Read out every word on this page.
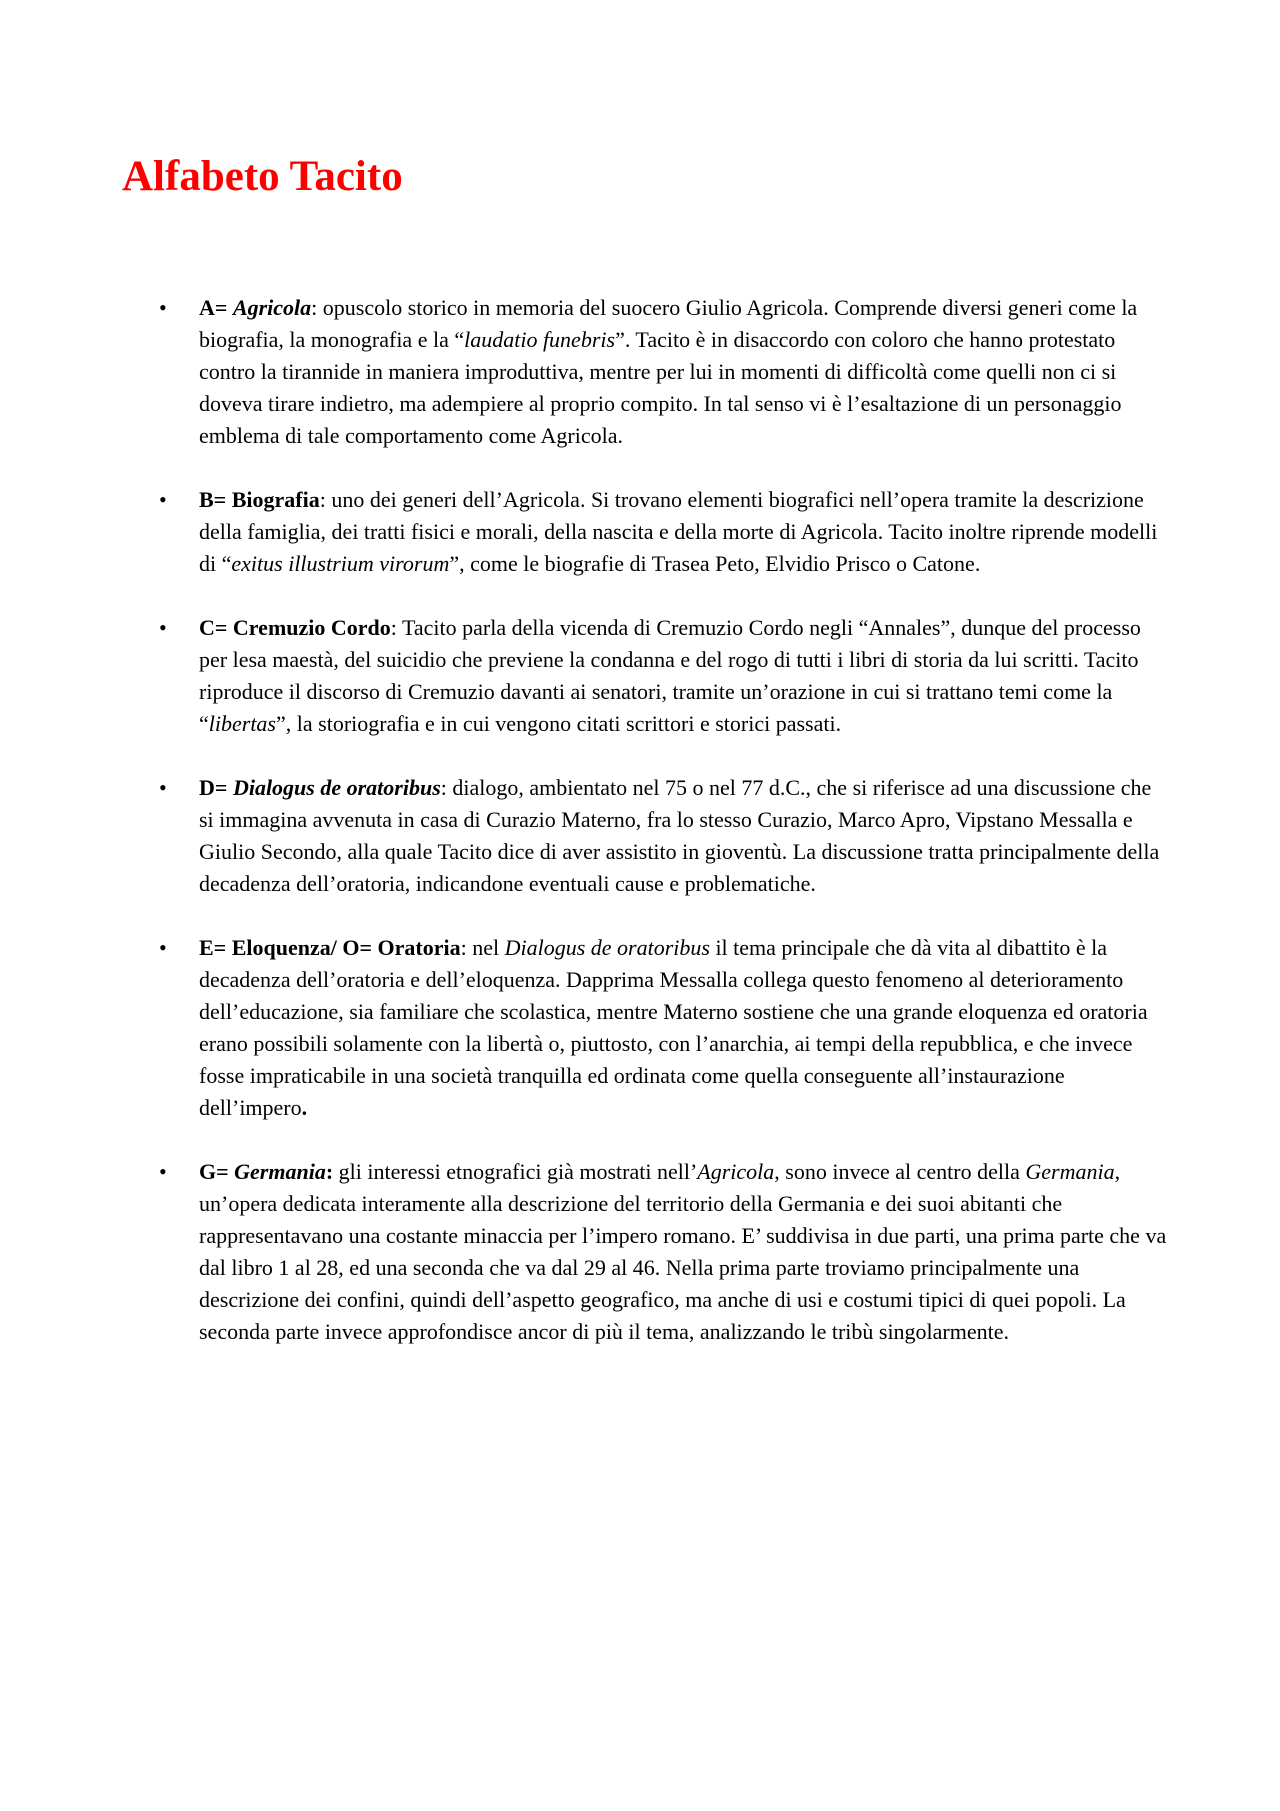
Alfabeto Tacito
• A= Agricola: opuscolo storico in memoria del suocero Giulio Agricola. Comprende diversi generi come la biografia, la monografia e la “laudatio funebris”. Tacito è in disaccordo con coloro che hanno protestato contro la tirannide in maniera improduttiva, mentre per lui in momenti di difficoltà come quelli non ci si doveva tirare indietro, ma adempiere al proprio compito. In tal senso vi è l’esaltazione di un personaggio emblema di tale comportamento come Agricola.
• B= Biografia: uno dei generi dell’Agricola. Si trovano elementi biografici nell’opera tramite la descrizione della famiglia, dei tratti fisici e morali, della nascita e della morte di Agricola. Tacito inoltre riprende modelli di “exitus illustrium virorum”, come le biografie di Trasea Peto, Elvidio Prisco o Catone.
• C= Cremuzio Cordo: Tacito parla della vicenda di Cremuzio Cordo negli “Annales”, dunque del processo per lesa maestà, del suicidio che previene la condanna e del rogo di tutti i libri di storia da lui scritti. Tacito riproduce il discorso di Cremuzio davanti ai senatori, tramite un’orazione in cui si trattano temi come la “libertas”, la storiografia e in cui vengono citati scrittori e storici passati.
• D= Dialogus de oratoribus: dialogo, ambientato nel 75 o nel 77 d.C., che si riferisce ad una discussione che si immagina avvenuta in casa di Curazio Materno, fra lo stesso Curazio, Marco Apro, Vipstano Messalla e Giulio Secondo, alla quale Tacito dice di aver assistito in gioventù. La discussione tratta principalmente della decadenza dell’oratoria, indicandone eventuali cause e problematiche.
• E= Eloquenza/ O= Oratoria: nel Dialogus de oratoribus il tema principale che dà vita al dibattito è la decadenza dell’oratoria e dell’eloquenza. Dapprima Messalla collega questo fenomeno al deterioramento dell’educazione, sia familiare che scolastica, mentre Materno sostiene che una grande eloquenza ed oratoria erano possibili solamente con la libertà o, piuttosto, con l’anarchia, ai tempi della repubblica, e che invece fosse impraticabile in una società tranquilla ed ordinata come quella conseguente all’instaurazione dell’impero.
• G= Germania: gli interessi etnografici già mostrati nell’Agricola, sono invece al centro della Germania, un’opera dedicata interamente alla descrizione del territorio della Germania e dei suoi abitanti che rappresentavano una costante minaccia per l’impero romano. E’ suddivisa in due parti, una prima parte che va dal libro 1 al 28, ed una seconda che va dal 29 al 46. Nella prima parte troviamo principalmente una descrizione dei confini, quindi dell’aspetto geografico, ma anche di usi e costumi tipici di quei popoli. La seconda parte invece approfondisce ancor di più il tema, analizzando le tribù singolarmente.
